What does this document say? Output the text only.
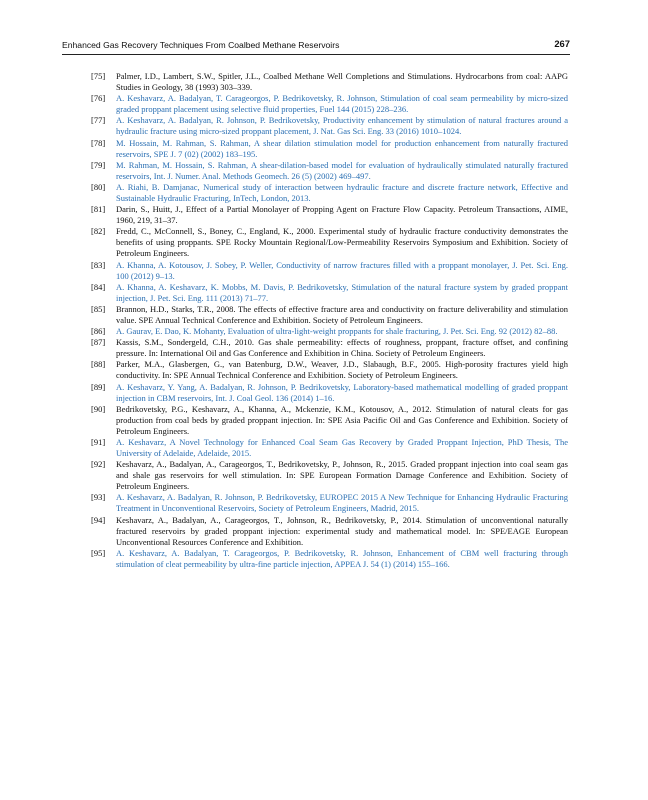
Enhanced Gas Recovery Techniques From Coalbed Methane Reservoirs	267
[75] Palmer, I.D., Lambert, S.W., Spitler, J.L., Coalbed Methane Well Completions and Stimulations. Hydrocarbons from coal: AAPG Studies in Geology, 38 (1993) 303–339.
[76] A. Keshavarz, A. Badalyan, T. Carageorgos, P. Bedrikovetsky, R. Johnson, Stimulation of coal seam permeability by micro-sized graded proppant placement using selective fluid properties, Fuel 144 (2015) 228–236.
[77] A. Keshavarz, A. Badalyan, R. Johnson, P. Bedrikovetsky, Productivity enhancement by stimulation of natural fractures around a hydraulic fracture using micro-sized proppant placement, J. Nat. Gas Sci. Eng. 33 (2016) 1010–1024.
[78] M. Hossain, M. Rahman, S. Rahman, A shear dilation stimulation model for production enhancement from naturally fractured reservoirs, SPE J. 7 (02) (2002) 183–195.
[79] M. Rahman, M. Hossain, S. Rahman, A shear-dilation-based model for evaluation of hydraulically stimulated naturally fractured reservoirs, Int. J. Numer. Anal. Methods Geomech. 26 (5) (2002) 469–497.
[80] A. Riahi, B. Damjanac, Numerical study of interaction between hydraulic fracture and discrete fracture network, Effective and Sustainable Hydraulic Fracturing, InTech, London, 2013.
[81] Darin, S., Huitt, J., Effect of a Partial Monolayer of Propping Agent on Fracture Flow Capacity. Petroleum Transactions, AIME, 1960, 219, 31–37.
[82] Fredd, C., McConnell, S., Boney, C., England, K., 2000. Experimental study of hydraulic fracture conductivity demonstrates the benefits of using proppants. SPE Rocky Mountain Regional/Low-Permeability Reservoirs Symposium and Exhibition. Society of Petroleum Engineers.
[83] A. Khanna, A. Kotousov, J. Sobey, P. Weller, Conductivity of narrow fractures filled with a proppant monolayer, J. Pet. Sci. Eng. 100 (2012) 9–13.
[84] A. Khanna, A. Keshavarz, K. Mobbs, M. Davis, P. Bedrikovetsky, Stimulation of the natural fracture system by graded proppant injection, J. Pet. Sci. Eng. 111 (2013) 71–77.
[85] Brannon, H.D., Starks, T.R., 2008. The effects of effective fracture area and conductivity on fracture deliverability and stimulation value. SPE Annual Technical Conference and Exhibition. Society of Petroleum Engineers.
[86] A. Gaurav, E. Dao, K. Mohanty, Evaluation of ultra-light-weight proppants for shale fracturing, J. Pet. Sci. Eng. 92 (2012) 82–88.
[87] Kassis, S.M., Sondergeld, C.H., 2010. Gas shale permeability: effects of roughness, proppant, fracture offset, and confining pressure. In: International Oil and Gas Conference and Exhibition in China. Society of Petroleum Engineers.
[88] Parker, M.A., Glasbergen, G., van Batenburg, D.W., Weaver, J.D., Slabaugh, B.F., 2005. High-porosity fractures yield high conductivity. In: SPE Annual Technical Conference and Exhibition. Society of Petroleum Engineers.
[89] A. Keshavarz, Y. Yang, A. Badalyan, R. Johnson, P. Bedrikovetsky, Laboratory-based mathematical modelling of graded proppant injection in CBM reservoirs, Int. J. Coal Geol. 136 (2014) 1–16.
[90] Bedrikovetsky, P.G., Keshavarz, A., Khanna, A., Mckenzie, K.M., Kotousov, A., 2012. Stimulation of natural cleats for gas production from coal beds by graded proppant injection. In: SPE Asia Pacific Oil and Gas Conference and Exhibition. Society of Petroleum Engineers.
[91] A. Keshavarz, A Novel Technology for Enhanced Coal Seam Gas Recovery by Graded Proppant Injection, PhD Thesis, The University of Adelaide, Adelaide, 2015.
[92] Keshavarz, A., Badalyan, A., Carageorgos, T., Bedrikovetsky, P., Johnson, R., 2015. Graded proppant injection into coal seam gas and shale gas reservoirs for well stimulation. In: SPE European Formation Damage Conference and Exhibition. Society of Petroleum Engineers.
[93] A. Keshavarz, A. Badalyan, R. Johnson, P. Bedrikovetsky, EUROPEC 2015 A New Technique for Enhancing Hydraulic Fracturing Treatment in Unconventional Reservoirs, Society of Petroleum Engineers, Madrid, 2015.
[94] Keshavarz, A., Badalyan, A., Carageorgos, T., Johnson, R., Bedrikovetsky, P., 2014. Stimulation of unconventional naturally fractured reservoirs by graded proppant injection: experimental study and mathematical model. In: SPE/EAGE European Unconventional Resources Conference and Exhibition.
[95] A. Keshavarz, A. Badalyan, T. Carageorgos, P. Bedrikovetsky, R. Johnson, Enhancement of CBM well fracturing through stimulation of cleat permeability by ultra-fine particle injection, APPEA J. 54 (1) (2014) 155–166.
